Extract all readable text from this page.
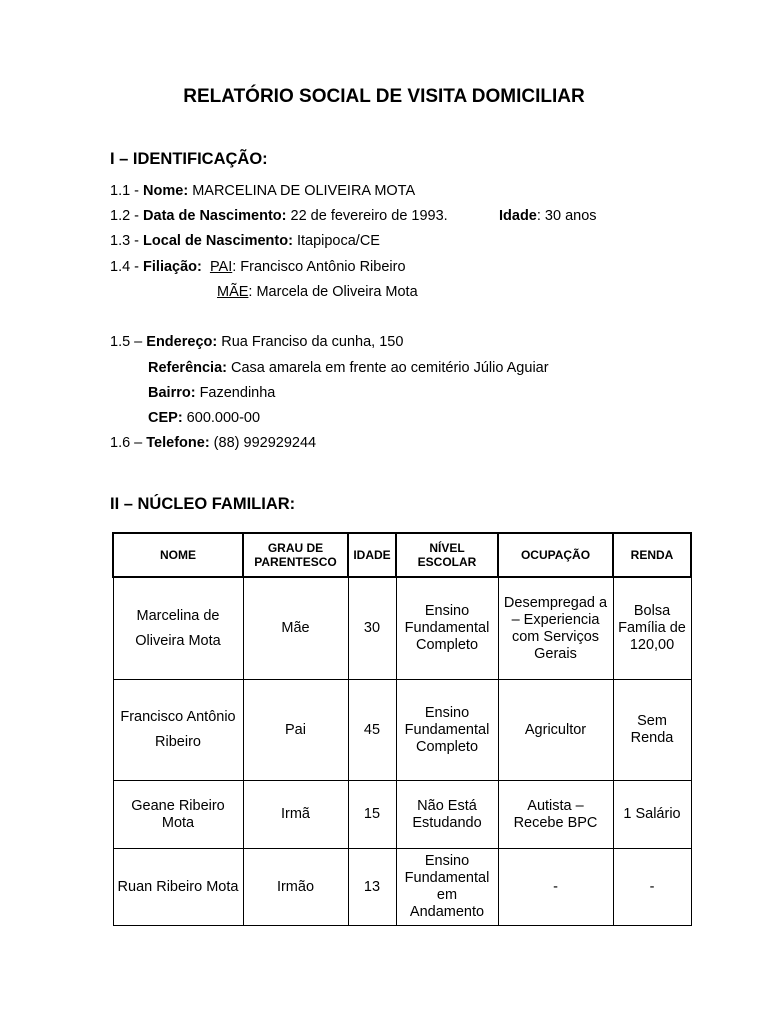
RELATÓRIO SOCIAL DE VISITA DOMICILIAR
I – IDENTIFICAÇÃO:
1.1 - Nome: MARCELINA DE OLIVEIRA MOTA
1.2 - Data de Nascimento: 22 de fevereiro de 1993.	Idade: 30 anos
1.3 - Local de Nascimento: Itapipoca/CE
1.4 - Filiação: PAI: Francisco Antônio Ribeiro
MÃE: Marcela de Oliveira Mota
1.5 – Endereço: Rua Franciso da cunha, 150
Referência: Casa amarela em frente ao cemitério Júlio Aguiar
Bairro: Fazendinha
CEP: 600.000-00
1.6 – Telefone: (88) 992929244
II – NÚCLEO FAMILIAR:
NOME	GRAU DE PARENTESCO	IDADE	NÍVEL ESCOLAR	OCUPAÇÃO	RENDA
Marcelina de Oliveira Mota	Mãe	30	Ensino Fundamental Completo	Desempregad a – Experiencia com Serviços Gerais	Bolsa Família de 120,00
Francisco Antônio Ribeiro	Pai	45	Ensino Fundamental Completo	Agricultor	Sem Renda
Geane Ribeiro Mota	Irmã	15	Não Está Estudando	Autista – Recebe BPC	1 Salário
Ruan Ribeiro Mota	Irmão	13	Ensino Fundamental em Andamento	-	-
